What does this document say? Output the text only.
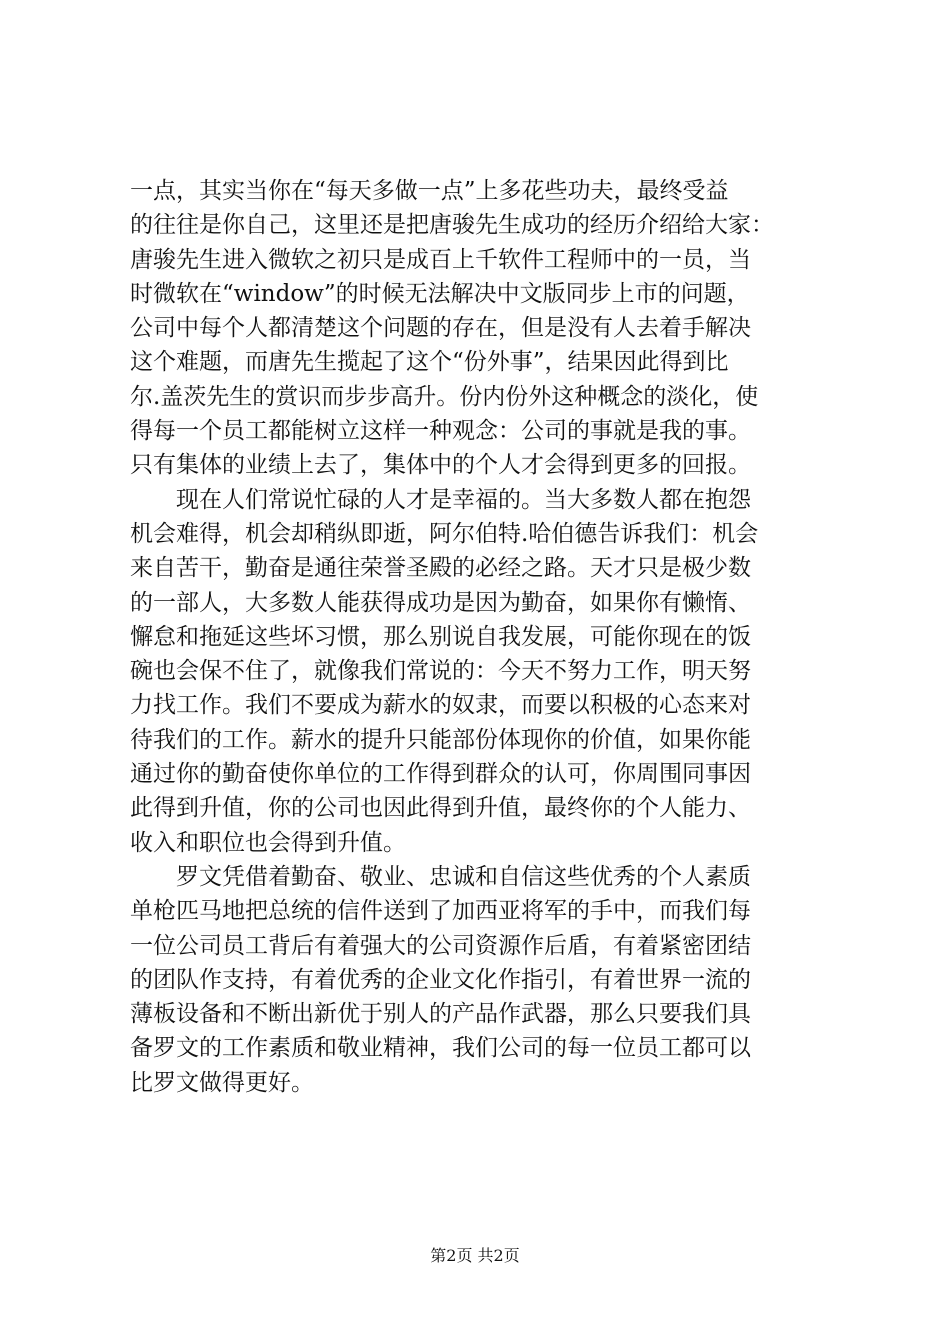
一点，其实当你在“每天多做一点”上多花些功夫，最终受益
的往往是你自己，这里还是把唐骏先生成功的经历介绍给大家：
唐骏先生进入微软之初只是成百上千软件工程师中的一员，当
时微软在“window”的时候无法解决中文版同步上市的问题，
公司中每个人都清楚这个问题的存在，但是没有人去着手解决
这个难题，而唐先生揽起了这个“份外事”，结果因此得到比
尔.盖茨先生的赏识而步步高升。份内份外这种概念的淡化，使
得每一个员工都能树立这样一种观念：公司的事就是我的事。
只有集体的业绩上去了，集体中的个人才会得到更多的回报。
　　现在人们常说忙碌的人才是幸福的。当大多数人都在抱怨
机会难得，机会却稍纵即逝，阿尔伯特.哈伯德告诉我们：机会
来自苦干，勤奋是通往荣誉圣殿的必经之路。天才只是极少数
的一部人，大多数人能获得成功是因为勤奋，如果你有懒惰、
懈怠和拖延这些坏习惯，那么别说自我发展，可能你现在的饭
碗也会保不住了，就像我们常说的：今天不努力工作，明天努
力找工作。我们不要成为薪水的奴隶，而要以积极的心态来对
待我们的工作。薪水的提升只能部份体现你的价值，如果你能
通过你的勤奋使你单位的工作得到群众的认可，你周围同事因
此得到升值，你的公司也因此得到升值，最终你的个人能力、
收入和职位也会得到升值。
　　罗文凭借着勤奋、敬业、忠诚和自信这些优秀的个人素质
单枪匹马地把总统的信件送到了加西亚将军的手中，而我们每
一位公司员工背后有着强大的公司资源作后盾，有着紧密团结
的团队作支持，有着优秀的企业文化作指引，有着世界一流的
薄板设备和不断出新优于别人的产品作武器，那么只要我们具
备罗文的工作素质和敬业精神，我们公司的每一位员工都可以
比罗文做得更好。
第2页 共2页
